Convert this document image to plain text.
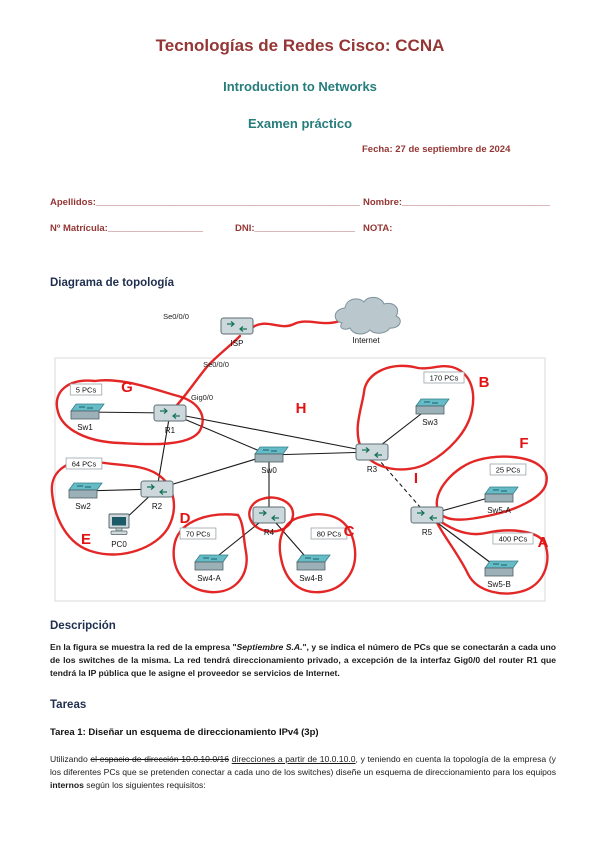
Tecnologías de Redes Cisco: CCNA
Introduction to Networks
Examen práctico
Fecha: 27 de septiembre de 2024
Apellidos:__________________________________________________ Nombre:____________________________
Nº Matrícula:__________________	DNI:___________________ NOTA:
Diagrama de topología
ISP	Internet
R1
Sw1
Sw3
R3
Sw0
R2
Sw2
PC0
R4
Sw4-A	Sw4-B
R5
Sw5-A
Sw5-B
Se0/0/0
Se0/0/0
Gig0/0
5 PCs
170 PCs
64 PCs
70 PCs	80 PCs
25 PCs
400 PCs
G	B
H
E
D
C
F
I
A
Descripción

En la figura se muestra la red de la empresa "Septiembre S.A.", y se indica el número de PCs que se conectarán a cada uno de los switches de la misma. La red tendrá direccionamiento privado, a excepción de la interfaz Gig0/0 del router R1 que tendrá la IP pública que le asigne el proveedor se servicios de Internet.

Tareas
Tarea 1: Diseñar un esquema de direccionamiento IPv4 (3p)

Utilizando el espacio de dirección 10.0.10.0/16 direcciones a partir de 10.0.10.0, y teniendo en cuenta la topología de la empresa (y los diferentes PCs que se pretenden conectar a cada uno de los switches) diseñe un esquema de direccionamiento para los equipos internos según los siguientes requisitos:
